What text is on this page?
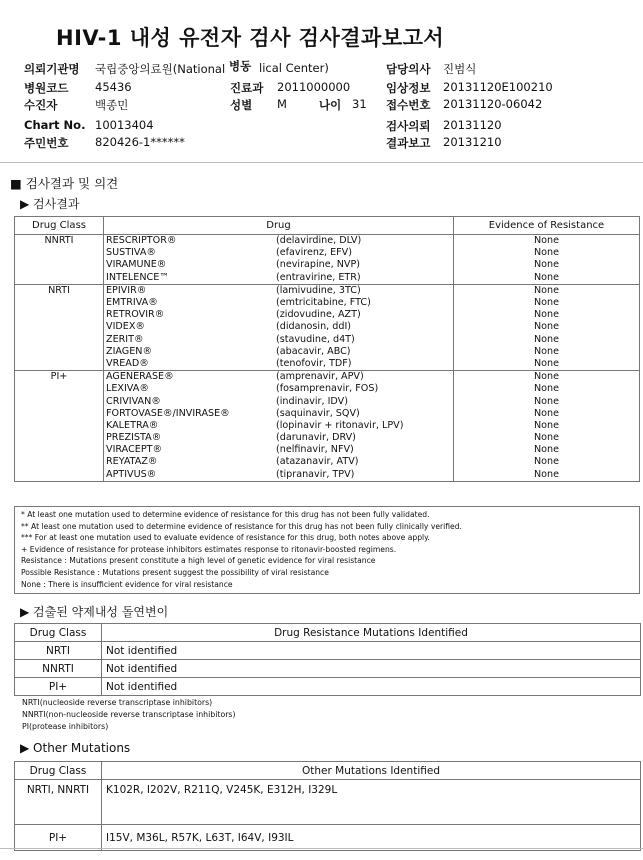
HIV-1 내성 유전자 검사 검사결과보고서
의뢰기관명 국립중앙의료원(National 병동 lical Center)	담당의사 진범식
병원코드 45436	진료과 2011000000	임상정보 20131120E100210
수진자	백종민	성별 M	나이 31 접수번호 20131120-06042
Chart No. 10013404	검사의뢰 20131120
주민번호 820426-1******	결과보고 20131210
■ 검사결과 및 의견
▶ 검사결과
Drug Class	Drug		Evidence of Resistance
NNRTI	RESCRIPTOR®	(delavirdine, DLV)	None
	SUSTIVA®	(efavirenz, EFV)	None
	VIRAMUNE®	(nevirapine, NVP)	None
	INTELENCE™	(entravirine, ETR)	None
NRTI	EPIVIR®	(lamivudine, 3TC)	None
	EMTRIVA®	(emtricitabine, FTC)	None
	RETROVIR®	(zidovudine, AZT)	None
	VIDEX®	(didanosin, ddI)	None
	ZERIT®	(stavudine, d4T)	None
	ZIAGEN®	(abacavir, ABC)	None
	VREAD®	(tenofovir, TDF)	None
PI+	AGENERASE®	(amprenavir, APV)	None
	LEXIVA®	(fosamprenavir, FOS)	None
	CRIVIVAN®	(indinavir, IDV)	None
	FORTOVASE®/INVIRASE®	(saquinavir, SQV)	None
	KALETRA®	(lopinavir + ritonavir, LPV)	None
	PREZISTA®	(darunavir, DRV)	None
	VIRACEPT®	(nelfinavir, NFV)	None
	REYATAZ®	(atazanavir, ATV)	None
	APTIVUS®	(tipranavir, TPV)	None
* At least one mutation used to determine evidence of resistance for this drug has not been fully validated.
** At least one mutation used to determine evidence of resistance for this drug has not been fully clinically verified.
*** For at least one mutation used to evaluate evidence of resistance for this drug, both notes above apply.
+ Evidence of resistance for protease inhibitors estimates response to ritonavir-boosted regimens.
Resistance : Mutations present constitute a high level of genetic evidence for viral resistance
Possible Resistance : Mutations present suggest the possibility of viral resistance
None : There is insufficient evidence for viral resistance
▶ 검출된 약제내성 돌연변이
Drug Class	Drug Resistance Mutations Identified
NRTI	Not identified
NNRTI	Not identified
PI+	Not identified
NRTI(nucleoside reverse transcriptase inhibitors)
NNRTI(non-nucleoside reverse transcriptase inhibitors)
PI(protease inhibitors)
▶ Other Mutations
Drug Class	Other Mutations Identified
NRTI, NNRTI	K102R, I202V, R211Q, V245K, E312H, I329L
PI+	I15V, M36L, R57K, L63T, I64V, I93IL
